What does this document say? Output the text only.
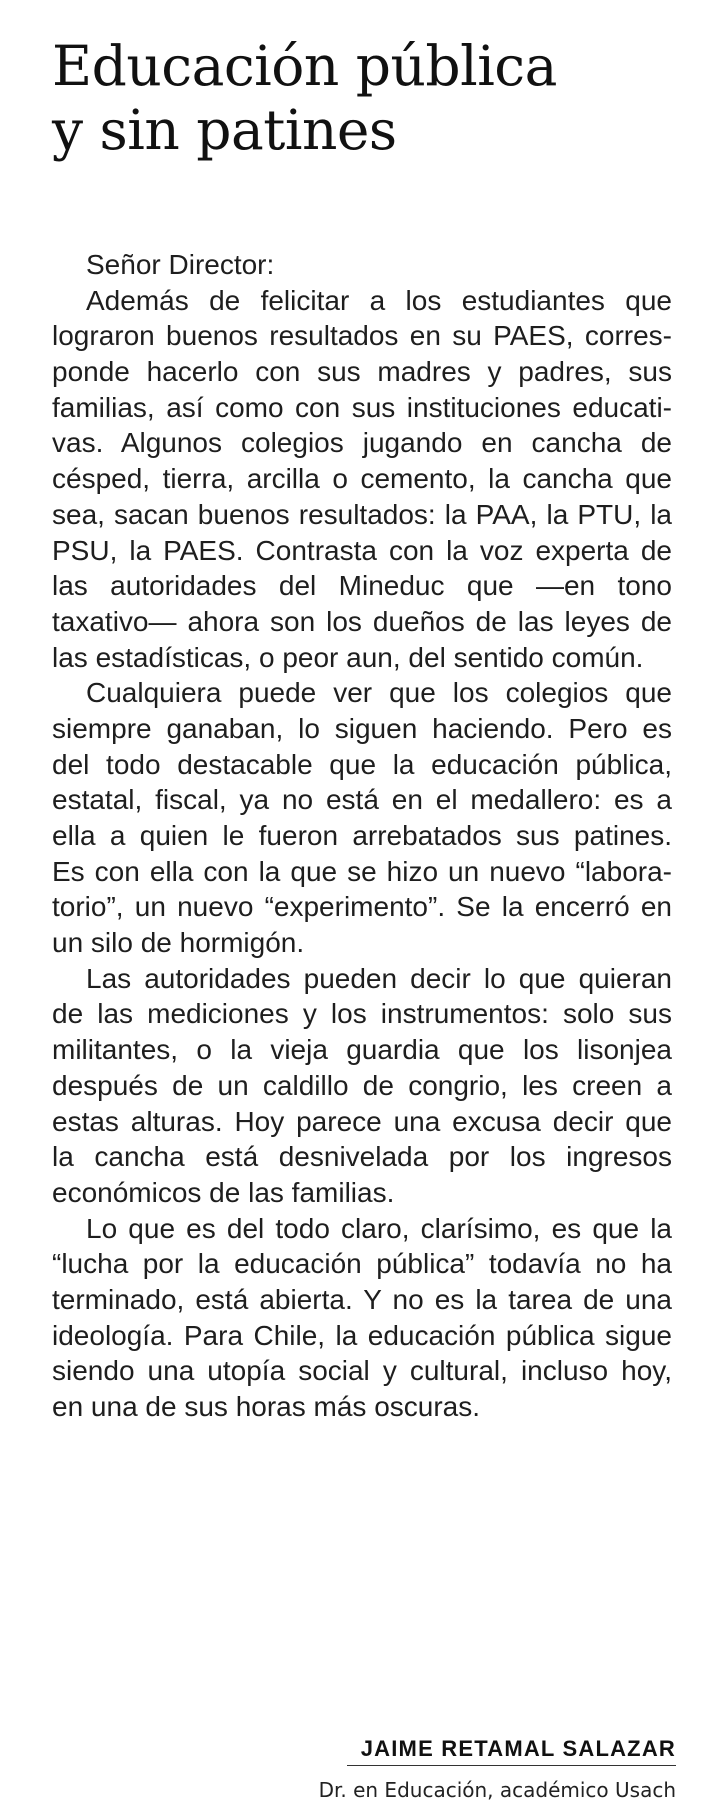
Educación pública
y sin patines
Señor Director:
Además de felicitar a los estudiantes que
lograron buenos resultados en su PAES, corres-
ponde hacerlo con sus madres y padres, sus
familias, así como con sus instituciones educati-
vas. Algunos colegios jugando en cancha de
césped, tierra, arcilla o cemento, la cancha que
sea, sacan buenos resultados: la PAA, la PTU, la
PSU, la PAES. Contrasta con la voz experta de
las autoridades del Mineduc que —en tono
taxativo— ahora son los dueños de las leyes de
las estadísticas, o peor aun, del sentido común.
Cualquiera puede ver que los colegios que
siempre ganaban, lo siguen haciendo. Pero es
del todo destacable que la educación pública,
estatal, fiscal, ya no está en el medallero: es a
ella a quien le fueron arrebatados sus patines.
Es con ella con la que se hizo un nuevo “labora-
torio”, un nuevo “experimento”. Se la encerró en
un silo de hormigón.
Las autoridades pueden decir lo que quieran
de las mediciones y los instrumentos: solo sus
militantes, o la vieja guardia que los lisonjea
después de un caldillo de congrio, les creen a
estas alturas. Hoy parece una excusa decir que
la cancha está desnivelada por los ingresos
económicos de las familias.
Lo que es del todo claro, clarísimo, es que la
“lucha por la educación pública” todavía no ha
terminado, está abierta. Y no es la tarea de una
ideología. Para Chile, la educación pública sigue
siendo una utopía social y cultural, incluso hoy,
en una de sus horas más oscuras.
JAIME RETAMAL SALAZAR
Dr. en Educación, académico Usach
